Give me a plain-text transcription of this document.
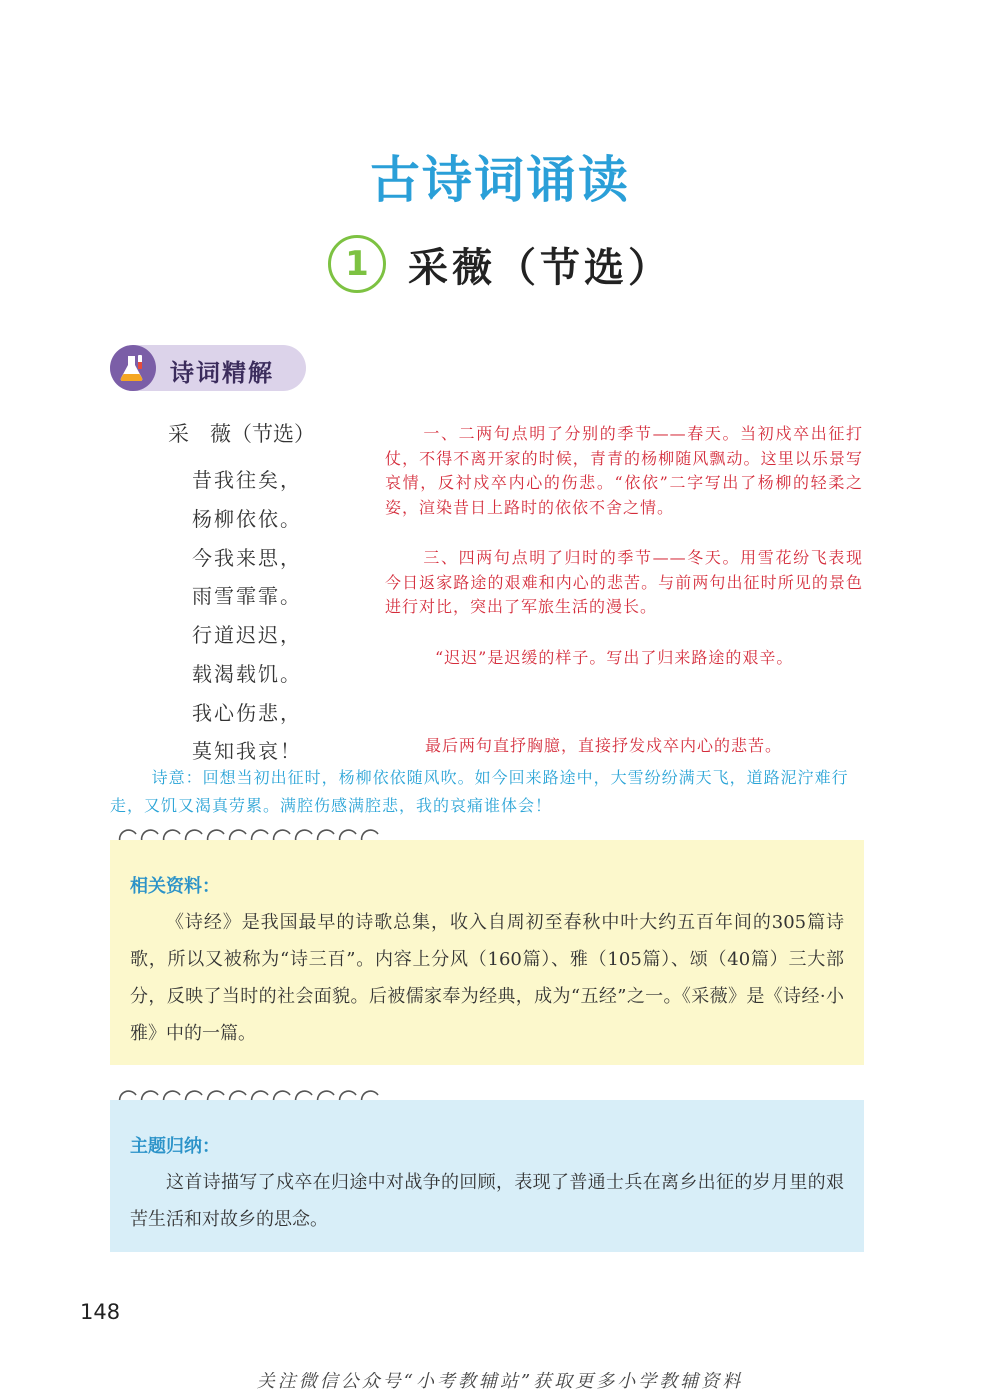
古诗词诵读
1 采薇（节选）
诗词精解
采　薇（节选）
昔我往矣，
杨柳依依。
今我来思，
雨雪霏霏。
行道迟迟，
载渴载饥。
我心伤悲，
莫知我哀！
一、二两句点明了分别的季节——春天。当初戍卒出征打仗，不得不离开家的时候，青青的杨柳随风飘动。这里以乐景写哀情，反衬戍卒内心的伤悲。“依依”二字写出了杨柳的轻柔之姿，渲染昔日上路时的依依不舍之情。
三、四两句点明了归时的季节——冬天。用雪花纷飞表现今日返家路途的艰难和内心的悲苦。与前两句出征时所见的景色进行对比，突出了军旅生活的漫长。
“迟迟”是迟缓的样子。写出了归来路途的艰辛。
最后两句直抒胸臆，直接抒发戍卒内心的悲苦。
诗意：回想当初出征时，杨柳依依随风吹。如今回来路途中，大雪纷纷满天飞，道路泥泞难行走，又饥又渴真劳累。满腔伤感满腔悲，我的哀痛谁体会！
相关资料：

《诗经》是我国最早的诗歌总集，收入自周初至春秋中叶大约五百年间的305篇诗歌，所以又被称为“诗三百”。内容上分风（160篇）、雅（105篇）、颂（40篇）三大部分，反映了当时的社会面貌。后被儒家奉为经典，成为“五经”之一。《采薇》是《诗经·小雅》中的一篇。

主题归纳：

这首诗描写了戍卒在归途中对战争的回顾，表现了普通士兵在离乡出征的岁月里的艰苦生活和对故乡的思念。

148
关注微信公众号“小考教辅站”获取更多小学教辅资料
